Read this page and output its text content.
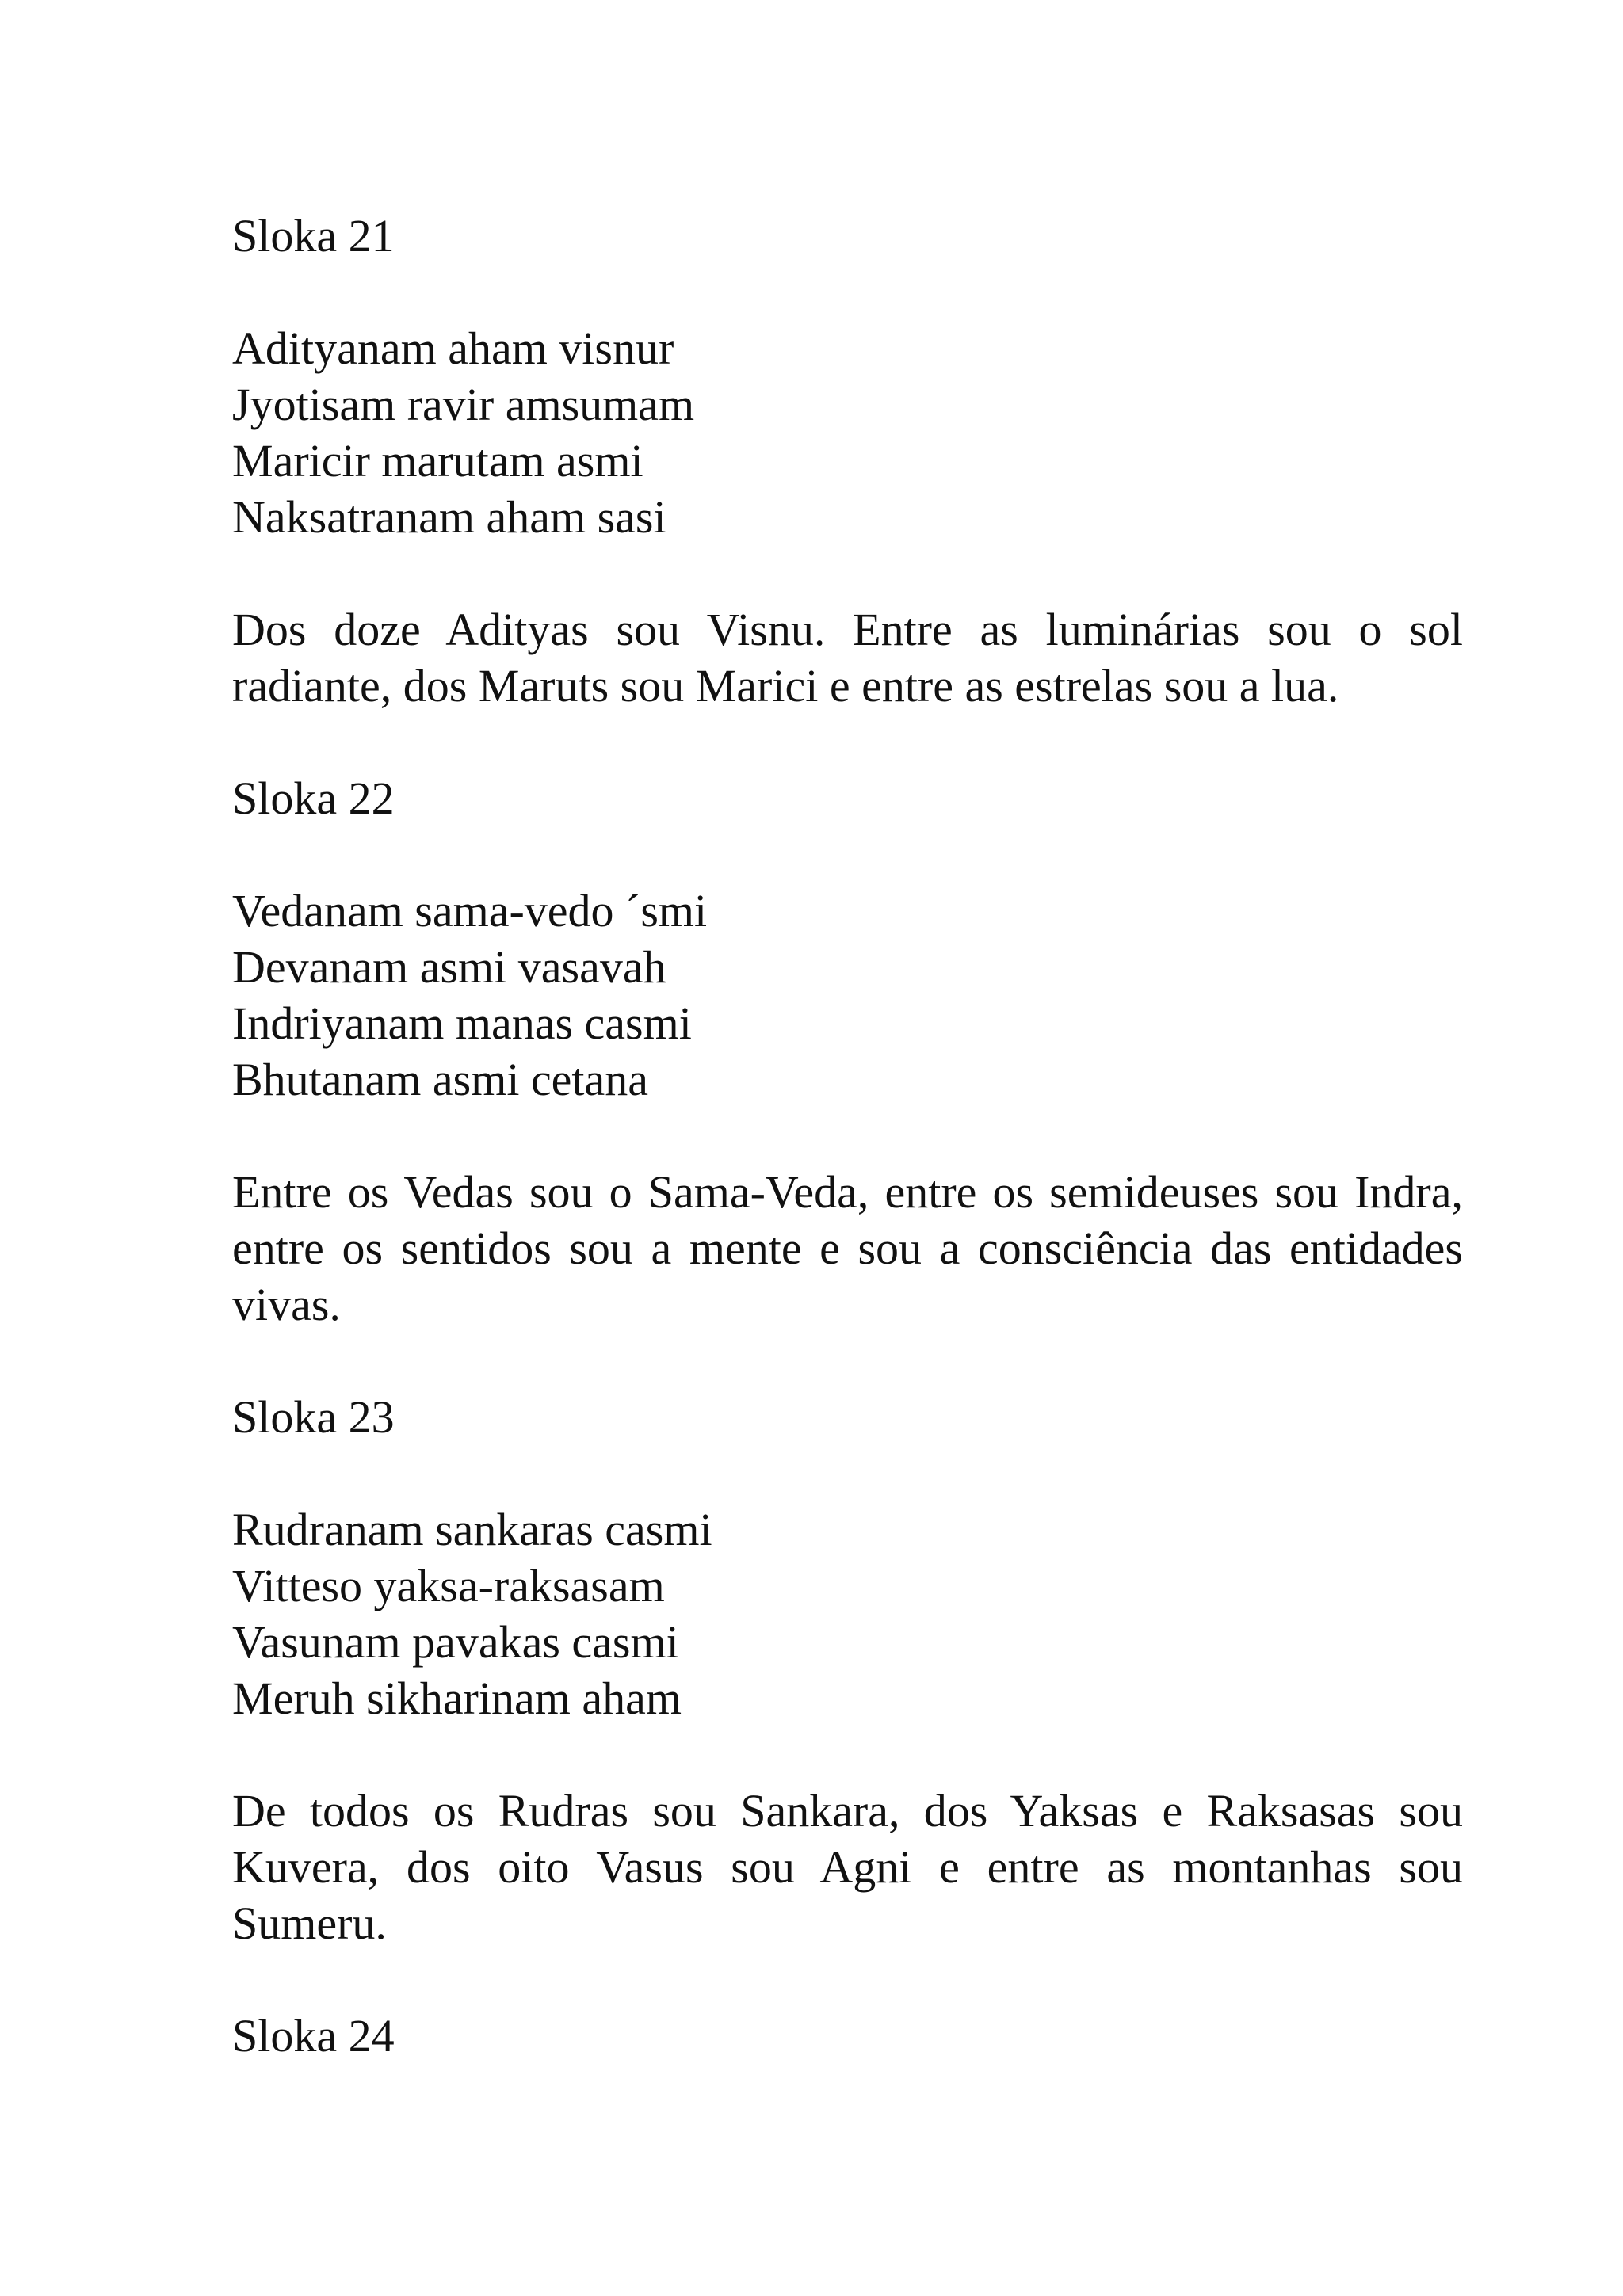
Sloka 21
Adityanam aham visnur
Jyotisam ravir amsumam
Maricir marutam asmi
Naksatranam aham sasi
Dos doze Adityas sou Visnu. Entre as luminárias sou o sol radiante, dos Maruts sou Marici e entre as estrelas sou a lua.
Sloka 22
Vedanam sama-vedo ´smi
Devanam asmi vasavah
Indriyanam manas casmi
Bhutanam asmi cetana
Entre os Vedas sou o Sama-Veda, entre os semideuses sou Indra, entre os sentidos sou a mente e sou a consciência das entidades vivas.
Sloka 23
Rudranam sankaras casmi
Vitteso yaksa-raksasam
Vasunam pavakas casmi
Meruh sikharinam aham
De todos os Rudras sou Sankara, dos Yaksas e Raksasas sou Kuvera, dos oito Vasus sou Agni e entre as montanhas sou Sumeru.
Sloka 24
